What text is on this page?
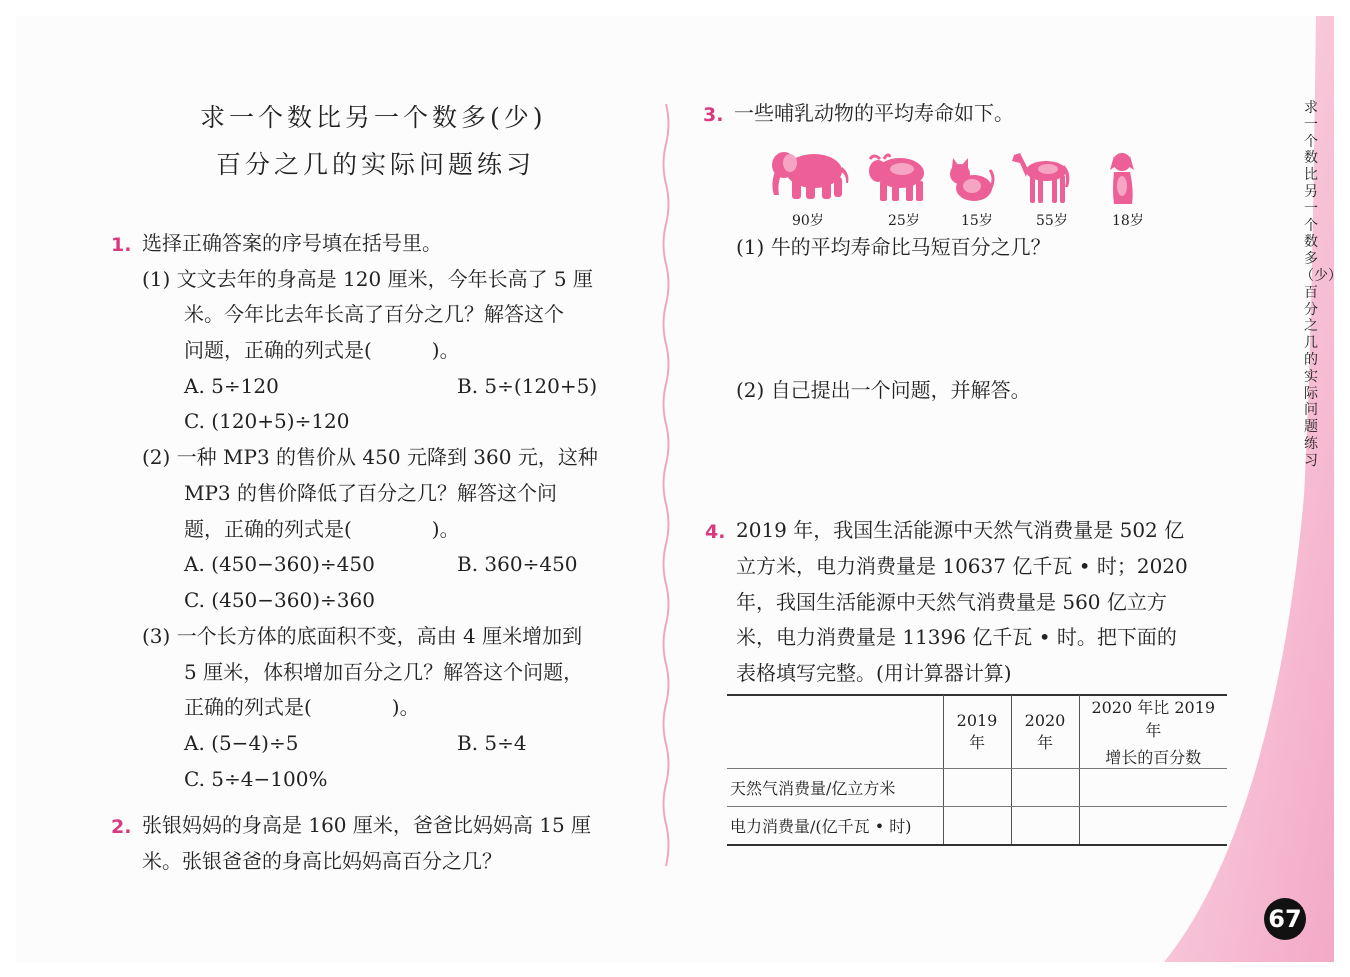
求一个数比另一个数多(少)
百分之几的实际问题练习
求一个数比另一个数多（少）百分之几的实际问题练习
1. 选择正确答案的序号填在括号里。
(1) 文文去年的身高是 120 厘米，今年长高了 5 厘
米。今年比去年长高了百分之几？解答这个
问题，正确的列式是(　　　)。
A. 5÷120	B. 5÷(120+5)
C. (120+5)÷120
(2) 一种 MP3 的售价从 450 元降到 360 元，这种
MP3 的售价降低了百分之几？解答这个问
题，正确的列式是(　　　　)。
A. (450−360)÷450	B. 360÷450
C. (450−360)÷360
(3) 一个长方体的底面积不变，高由 4 厘米增加到
5 厘米，体积增加百分之几？解答这个问题，
正确的列式是(　　　　)。
A. (5−4)÷5	B. 5÷4
C. 5÷4−100%
2. 张银妈妈的身高是 160 厘米，爸爸比妈妈高 15 厘
米。张银爸爸的身高比妈妈高百分之几？
3. 一些哺乳动物的平均寿命如下。
90岁	25岁	15岁	55岁	18岁
(1) 牛的平均寿命比马短百分之几？
(2) 自己提出一个问题，并解答。
4. 2019 年，我国生活能源中天然气消费量是 502 亿
立方米，电力消费量是 10637 亿千瓦 • 时；2020
年，我国生活能源中天然气消费量是 560 亿立方
米，电力消费量是 11396 亿千瓦 • 时。把下面的
表格填写完整。(用计算器计算)
	2019 年	2020 年	2020 年比 2019 年
增长的百分数

天然气消费量/亿立方米			
电力消费量/(亿千瓦 • 时)			
67
